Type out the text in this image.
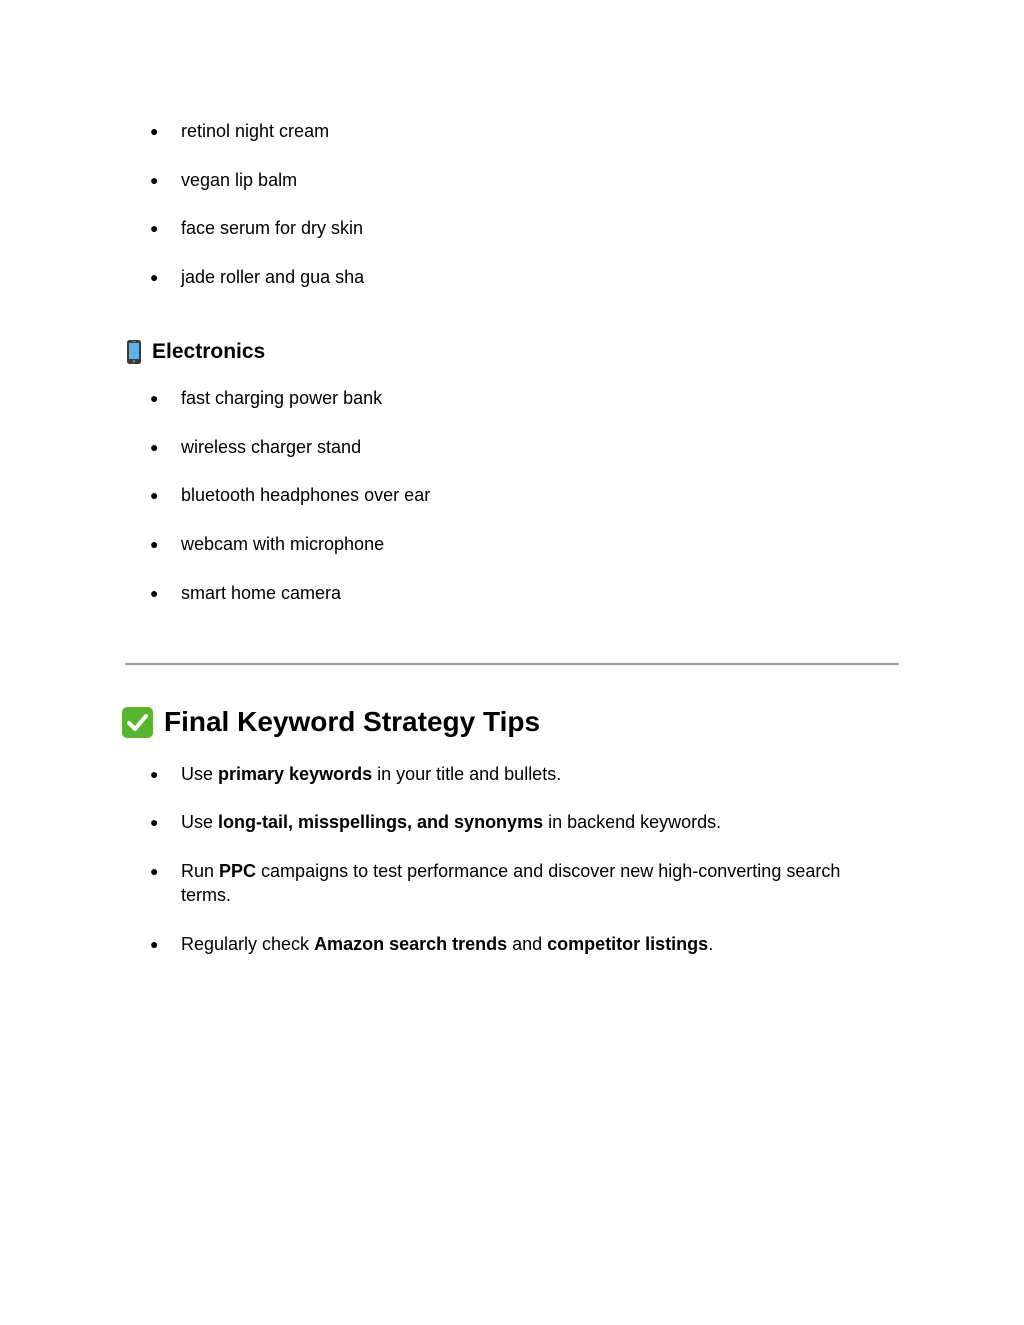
● retinol night cream
● vegan lip balm
● face serum for dry skin
● jade roller and gua sha
Electronics
● fast charging power bank
● wireless charger stand
● bluetooth headphones over ear
● webcam with microphone
● smart home camera
Final Keyword Strategy Tips
● Use primary keywords in your title and bullets.
● Use long-tail, misspellings, and synonyms in backend keywords.
● Run PPC campaigns to test performance and discover new high-converting search terms.
● Regularly check Amazon search trends and competitor listings.
